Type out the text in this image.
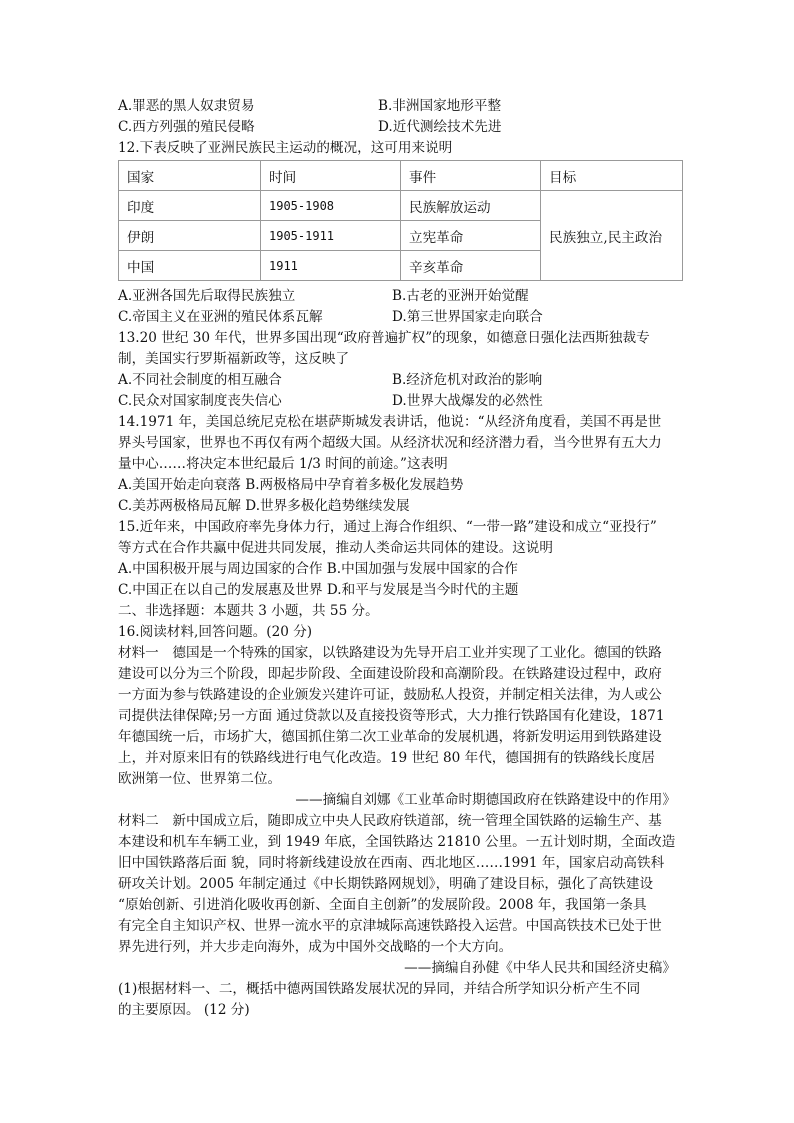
A.罪恶的黑人奴隶贸易	B.非洲国家地形平整
C.西方列强的殖民侵略	D.近代测绘技术先进
12.下表反映了亚洲民族民主运动的概况，这可用来说明
国家	时间	事件	目标
印度	1905-1908	民族解放运动	民族独立,民主政治
伊朗	1905-1911	立宪革命	
中国	1911	辛亥革命	
A.亚洲各国先后取得民族独立	B.古老的亚洲开始觉醒
C.帝国主义在亚洲的殖民体系瓦解	D.第三世界国家走向联合
13.20 世纪 30 年代，世界多国出现“政府普遍扩权”的现象，如德意日强化法西斯独裁专
制，美国实行罗斯福新政等，这反映了
A.不同社会制度的相互融合	B.经济危机对政治的影响
C.民众对国家制度丧失信心	D.世界大战爆发的必然性
14.1971 年，美国总统尼克松在堪萨斯城发表讲话，他说：“从经济角度看，美国不再是世
界头号国家，世界也不再仅有两个超级大国。从经济状况和经济潜力看，当今世界有五大力
量中心……将决定本世纪最后 1/3 时间的前途。”这表明
A.美国开始走向衰落 B.两极格局中孕育着多极化发展趋势
C.美苏两极格局瓦解 D.世界多极化趋势继续发展
15.近年来，中国政府率先身体力行，通过上海合作组织、“一带一路”建设和成立“亚投行”
等方式在合作共赢中促进共同发展，推动人类命运共同体的建设。这说明
A.中国积极开展与周边国家的合作 B.中国加强与发展中国家的合作
C.中国正在以自己的发展惠及世界 D.和平与发展是当今时代的主题
二、非选择题：本题共 3 小题，共 55 分。
16.阅读材料,回答问题。(20 分)
材料一　德国是一个特殊的国家，以铁路建设为先导开启工业并实现了工业化。德国的铁路
建设可以分为三个阶段，即起步阶段、全面建设阶段和高潮阶段。在铁路建设过程中，政府
一方面为参与铁路建设的企业颁发兴建许可证，鼓励私人投资，并制定相关法律，为人或公
司提供法律保障;另一方面 通过贷款以及直接投资等形式，大力推行铁路国有化建设，1871
年德国统一后，市场扩大，德国抓住第二次工业革命的发展机遇，将新发明运用到铁路建设
上，并对原来旧有的铁路线进行电气化改造。19 世纪 80 年代，德国拥有的铁路线长度居
欧洲第一位、世界第二位。
——摘编自刘娜《工业革命时期德国政府在铁路建设中的作用》
材料二　新中国成立后，随即成立中央人民政府铁道部，统一管理全国铁路的运输生产、基
本建设和机车车辆工业，到 1949 年底，全国铁路达 21810 公里。一五计划时期，全面改造
旧中国铁路落后面 貌，同时将新线建设放在西南、西北地区……1991 年，国家启动高铁科
研攻关计划。2005 年制定通过《中长期铁路网规划》，明确了建设目标，强化了高铁建设
“原始创新、引进消化吸收再创新、全面自主创新”的发展阶段。2008 年，我国第一条具
有完全自主知识产权、世界一流水平的京津城际高速铁路投入运营。中国高铁技术已处于世
界先进行列，并大步走向海外，成为中国外交战略的一个大方向。
——摘编自孙健《中华人民共和国经济史稿》
(1)根据材料一、二，概括中德两国铁路发展状况的异同，并结合所学知识分析产生不同
的主要原因。 (12 分)
